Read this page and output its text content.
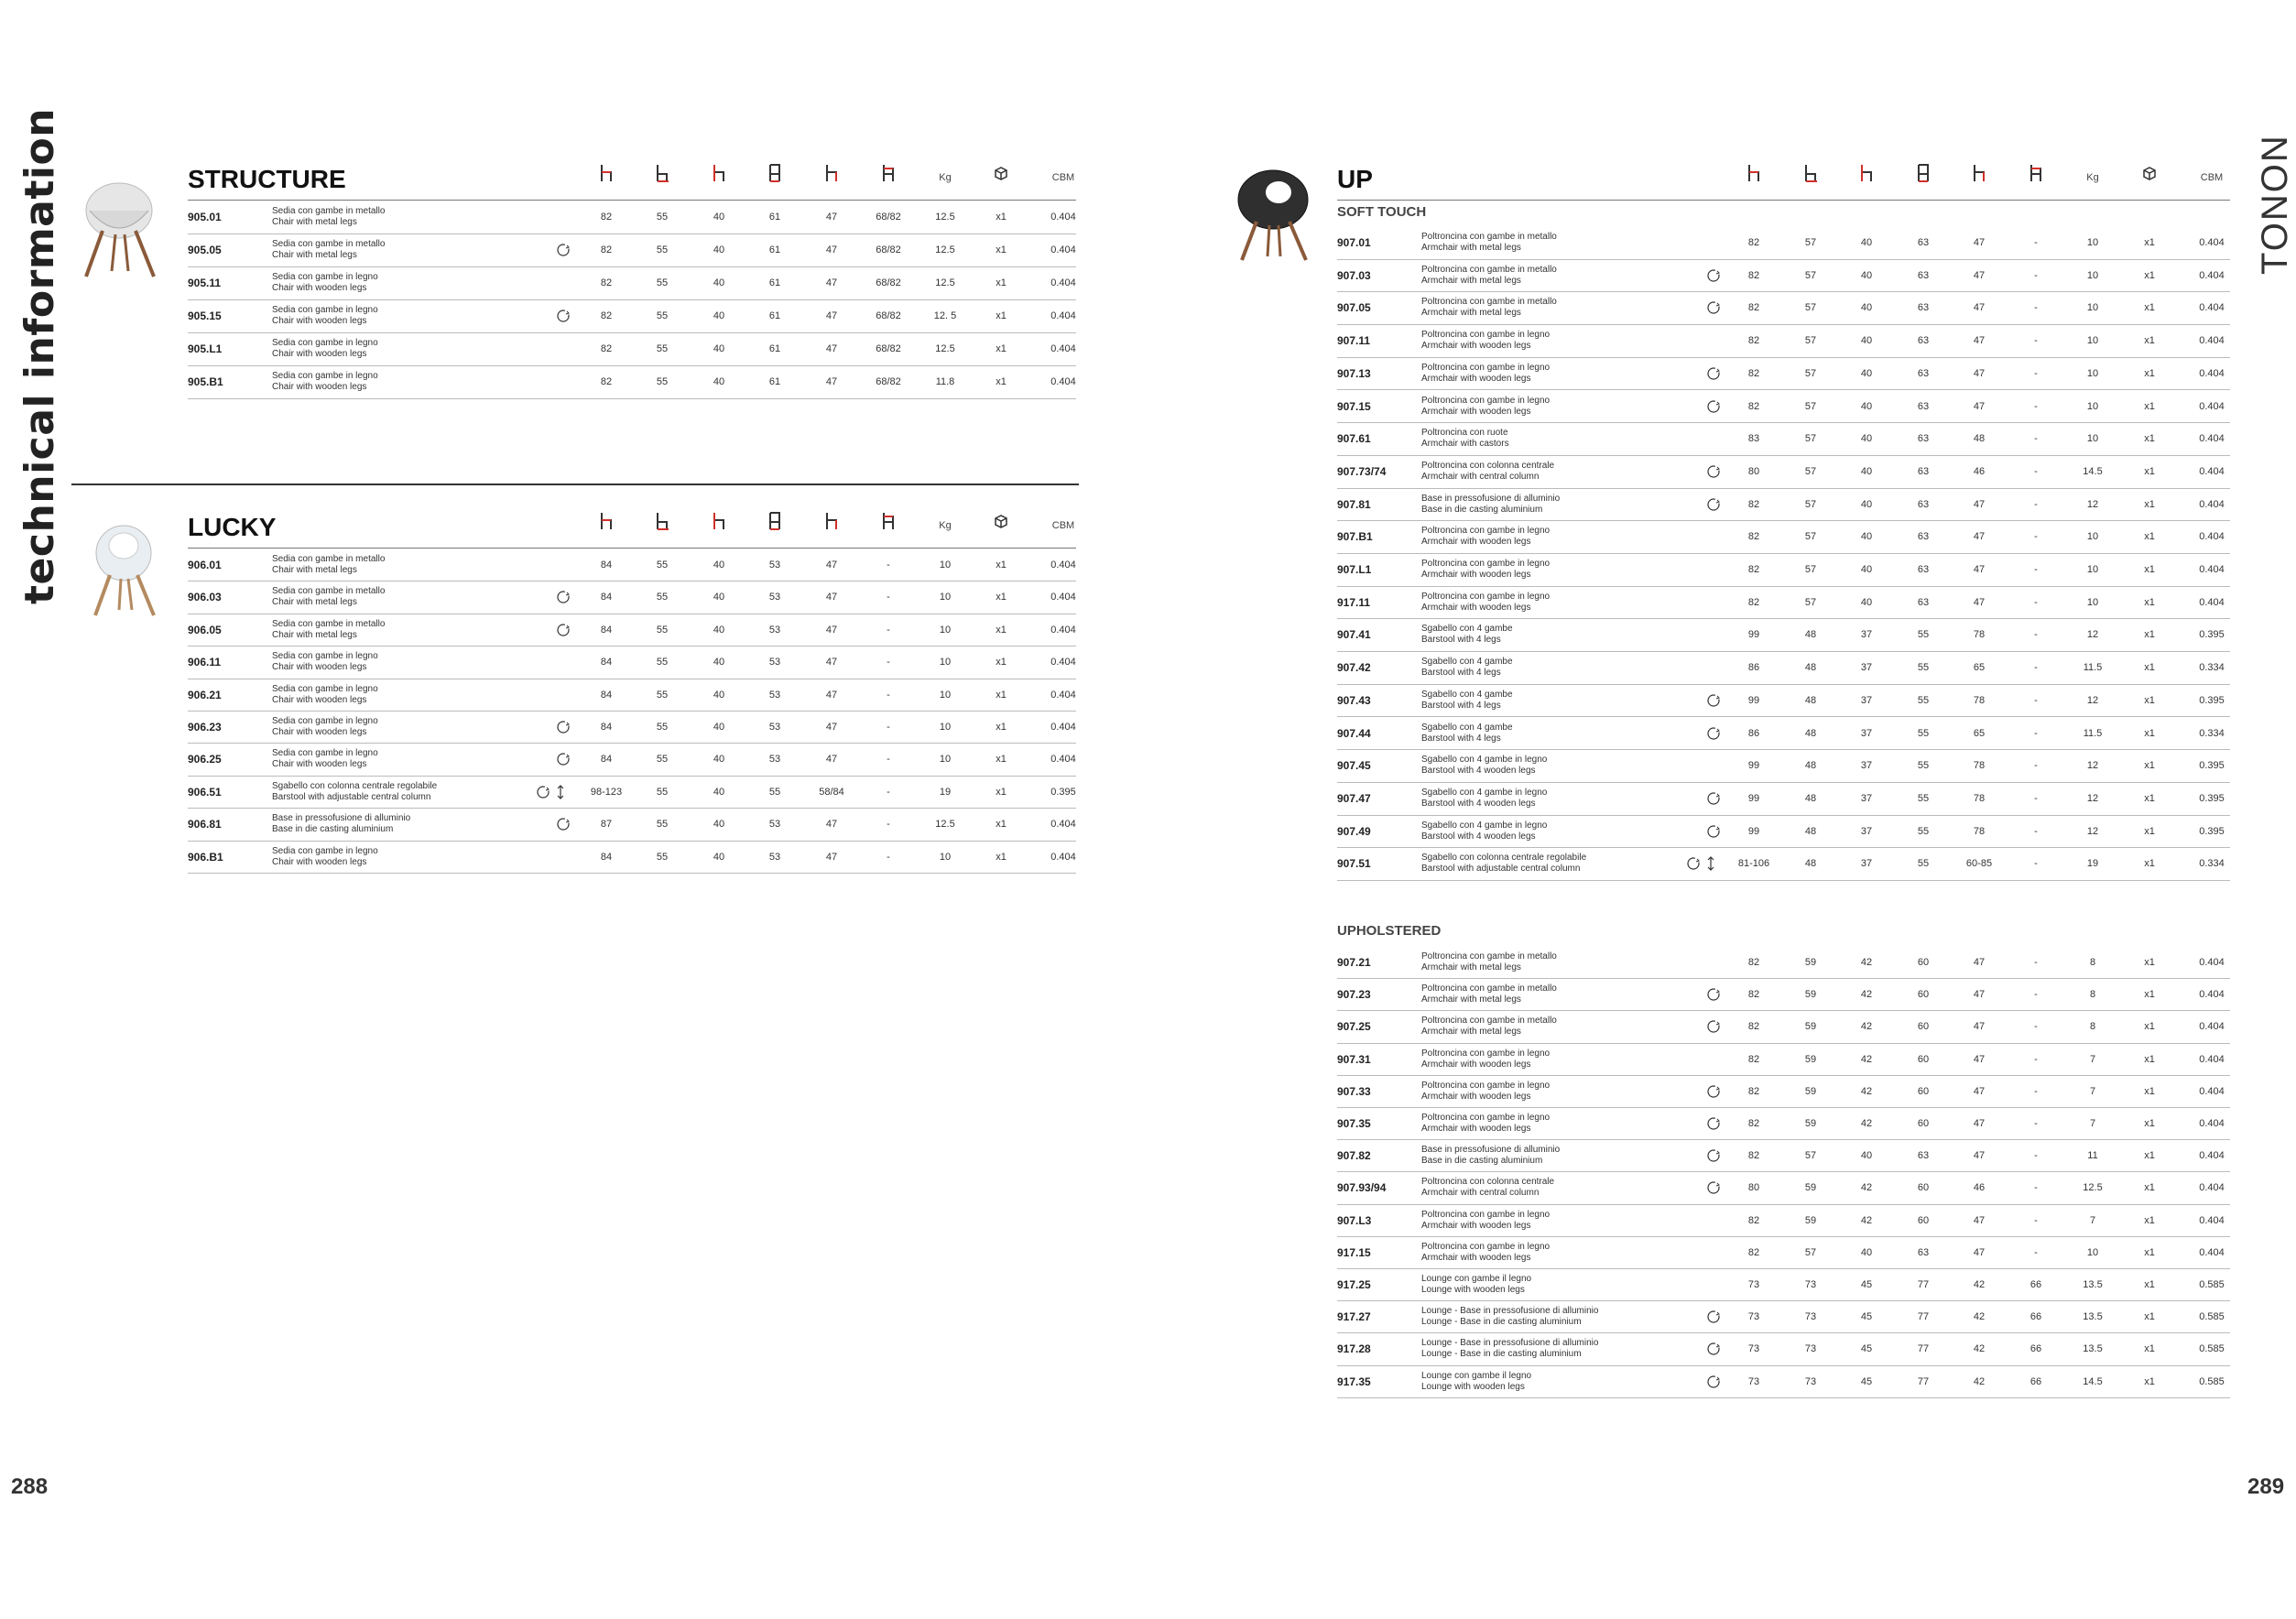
technical information	TONON
288	289
STRUCTURE	Kg	CBM
905.01	Sedia con gambe in metallo
Chair with metal legs	82	55	40	61	47	68/82	12.5	x1	0.404
905.05	Sedia con gambe in metallo
Chair with metal legs	82	55	40	61	47	68/82	12.5	x1	0.404
905.11	Sedia con gambe in legno
Chair with wooden legs	82	55	40	61	47	68/82	12.5	x1	0.404
905.15	Sedia con gambe in legno
Chair with wooden legs	82	55	40	61	47	68/82	12. 5	x1	0.404
905.L1	Sedia con gambe in legno
Chair with wooden legs	82	55	40	61	47	68/82	12.5	x1	0.404
905.B1	Sedia con gambe in legno
Chair with wooden legs	82	55	40	61	47	68/82	11.8	x1	0.404
LUCKY	Kg	CBM
906.01	Sedia con gambe in metallo
Chair with metal legs	84	55	40	53	47	-	10	x1	0.404
906.03	Sedia con gambe in metallo
Chair with metal legs	84	55	40	53	47	-	10	x1	0.404
906.05	Sedia con gambe in metallo
Chair with metal legs	84	55	40	53	47	-	10	x1	0.404
906.11	Sedia con gambe in legno
Chair with wooden legs	84	55	40	53	47	-	10	x1	0.404
906.21	Sedia con gambe in legno
Chair with wooden legs	84	55	40	53	47	-	10	x1	0.404
906.23	Sedia con gambe in legno
Chair with wooden legs	84	55	40	53	47	-	10	x1	0.404
906.25	Sedia con gambe in legno
Chair with wooden legs	84	55	40	53	47	-	10	x1	0.404
906.51	Sgabello con colonna centrale regolabile
Barstool with adjustable central column	98-123	55	40	55	58/84	-	19	x1	0.395
906.81	Base in pressofusione di alluminio
Base in die casting aluminium	87	55	40	53	47	-	12.5	x1	0.404
906.B1	Sedia con gambe in legno
Chair with wooden legs	84	55	40	53	47	-	10	x1	0.404
UP	Kg	CBM
SOFT TOUCH
907.01	Poltroncina con gambe in metallo
Armchair with metal legs	82	57	40	63	47	-	10	x1	0.404
907.03	Poltroncina con gambe in metallo
Armchair with metal legs	82	57	40	63	47	-	10	x1	0.404
907.05	Poltroncina con gambe in metallo
Armchair with metal legs	82	57	40	63	47	-	10	x1	0.404
907.11	Poltroncina con gambe in legno
Armchair with wooden legs	82	57	40	63	47	-	10	x1	0.404
907.13	Poltroncina con gambe in legno
Armchair with wooden legs	82	57	40	63	47	-	10	x1	0.404
907.15	Poltroncina con gambe in legno
Armchair with wooden legs	82	57	40	63	47	-	10	x1	0.404
907.61	Poltroncina con ruote
Armchair with castors	83	57	40	63	48	-	10	x1	0.404
907.73/74	Poltroncina con colonna centrale
Armchair with central column	80	57	40	63	46	-	14.5	x1	0.404
907.81	Base in pressofusione di alluminio
Base in die casting aluminium	82	57	40	63	47	-	12	x1	0.404
907.B1	Poltroncina con gambe in legno
Armchair with wooden legs	82	57	40	63	47	-	10	x1	0.404
907.L1	Poltroncina con gambe in legno
Armchair with wooden legs	82	57	40	63	47	-	10	x1	0.404
917.11	Poltroncina con gambe in legno
Armchair with wooden legs	82	57	40	63	47	-	10	x1	0.404
907.41	Sgabello con 4 gambe
Barstool with 4 legs	99	48	37	55	78	-	12	x1	0.395
907.42	Sgabello con 4 gambe
Barstool with 4 legs	86	48	37	55	65	-	11.5	x1	0.334
907.43	Sgabello con 4 gambe
Barstool with 4 legs	99	48	37	55	78	-	12	x1	0.395
907.44	Sgabello con 4 gambe
Barstool with 4 legs	86	48	37	55	65	-	11.5	x1	0.334
907.45	Sgabello con 4 gambe in legno
Barstool with 4 wooden legs	99	48	37	55	78	-	12	x1	0.395
907.47	Sgabello con 4 gambe in legno
Barstool with 4 wooden legs	99	48	37	55	78	-	12	x1	0.395
907.49	Sgabello con 4 gambe in legno
Barstool with 4 wooden legs	99	48	37	55	78	-	12	x1	0.395
907.51	Sgabello con colonna centrale regolabile
Barstool with adjustable central column	81-106	48	37	55	60-85	-	19	x1	0.334
UPHOLSTERED
907.21	Poltroncina con gambe in metallo
Armchair with metal legs	82	59	42	60	47	-	8	x1	0.404
907.23	Poltroncina con gambe in metallo
Armchair with metal legs	82	59	42	60	47	-	8	x1	0.404
907.25	Poltroncina con gambe in metallo
Armchair with metal legs	82	59	42	60	47	-	8	x1	0.404
907.31	Poltroncina con gambe in legno
Armchair with wooden legs	82	59	42	60	47	-	7	x1	0.404
907.33	Poltroncina con gambe in legno
Armchair with wooden legs	82	59	42	60	47	-	7	x1	0.404
907.35	Poltroncina con gambe in legno
Armchair with wooden legs	82	59	42	60	47	-	7	x1	0.404
907.82	Base in pressofusione di alluminio
Base in die casting aluminium	82	57	40	63	47	-	11	x1	0.404
907.93/94	Poltroncina con colonna centrale
Armchair with central column	80	59	42	60	46	-	12.5	x1	0.404
907.L3	Poltroncina con gambe in legno
Armchair with wooden legs	82	59	42	60	47	-	7	x1	0.404
917.15	Poltroncina con gambe in legno
Armchair with wooden legs	82	57	40	63	47	-	10	x1	0.404
917.25	Lounge con gambe il legno
Lounge with wooden legs	73	73	45	77	42	66	13.5	x1	0.585
917.27	Lounge - Base in pressofusione di alluminio
Lounge - Base in die casting aluminium	73	73	45	77	42	66	13.5	x1	0.585
917.28	Lounge - Base in pressofusione di alluminio
Lounge - Base in die casting aluminium	73	73	45	77	42	66	13.5	x1	0.585
917.35	Lounge con gambe il legno
Lounge with wooden legs	73	73	45	77	42	66	14.5	x1	0.585
